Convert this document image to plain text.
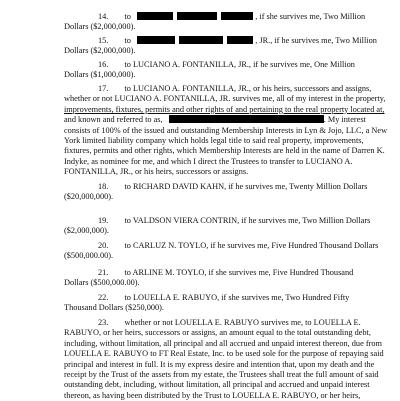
14. to	, if she survives me, Two Million
Dollars ($2,000,000).
15. to	, JR., if he survives me, Two Million
Dollars ($2,000,000).
16. to LUCIANO A. FONTANILLA, JR., if he survives me, One Million
Dollars ($1,000,000).
17. to LUCIANO A. FONTANILLA, JR., or his heirs, successors and assigns,
whether or not LUCIANO A. FONTANILLA, JR. survives me, all of my interest in the property,
improvements, fixtures, permits and other rights of and pertaining to the real property located at,
and known and referred to as,	. My interest
consists of 100% of the issued and outstanding Membership Interests in Lyn & Jojo, LLC, a New
York limited liability company which holds legal title to said real property, improvements,
fixtures, permits and other rights, which Membership Interests are held in the name of Darren K.
Indyke, as nominee for me, and which I direct the Trustees to transfer to LUCIANO A.
FONTANILLA, JR., or his heirs, successors or assigns.
18. to RICHARD DAVID KAHN, if he survives me, Twenty Million Dollars
($20,000,000).
19. to VALDSON VIERA CONTRIN, if he survives me, Two Million Dollars
($2,000,000).
20. to CARLUZ N. TOYLO, if he survives me, Five Hundred Thousand Dollars
($500,000.00).
21. to ARLINE M. TOYLO, if she survives me, Five Hundred Thousand
Dollars ($500,000.00).
22. to LOUELLA E. RABUYO, if she survives me, Two Hundred Fifty
Thousand Dollars ($250,000).
23. whether or not LOUELLA E. RABUYO survives me, to LOUELLA E.
RABUYO, or her heirs, successors or assigns, an amount equal to the total outstanding debt,
including, without limitation, all principal and all accrued and unpaid interest thereon, due from
LOUELLA E. RABUYO to FT Real Estate, Inc. to be used sole for the purpose of repaying said
principal and interest in full. It is my express desire and intention that, upon my death and the
receipt by the Trust of the assets from my estate, the Trustees shall treat the full amount of said
outstanding debt, including, without limitation, all principal and accrued and unpaid interest
thereon, as having been distributed by the Trust to LOUELLA E. RABUYO, or her heirs,
